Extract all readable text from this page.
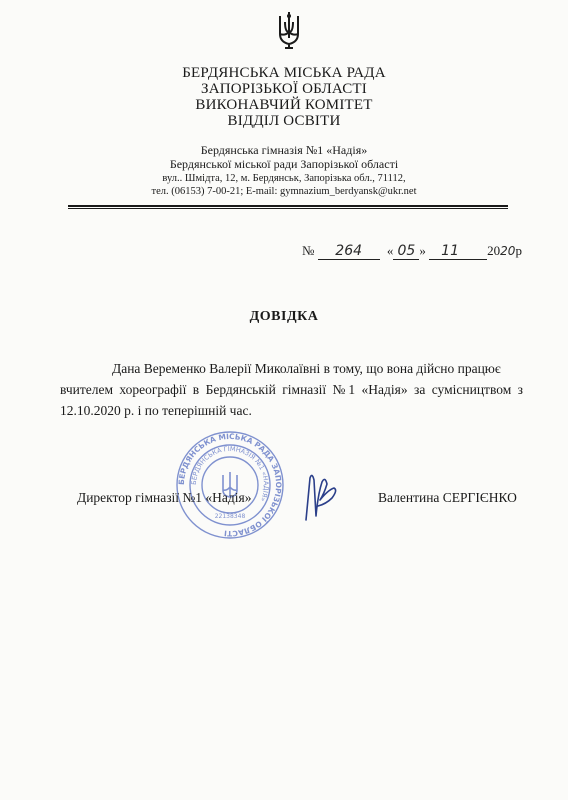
БЕРДЯНСЬКА МІСЬКА РАДА
ЗАПОРІЗЬКОЇ ОБЛАСТІ
ВИКОНАВЧИЙ КОМІТЕТ
ВІДДІЛ ОСВІТИ
Бердянська гімназія №1 «Надія»
Бердянської міської ради Запорізької області
вул.. Шмідта, 12, м. Бердянськ, Запорізька обл., 71112,
тел. (06153) 7-00-21; E-mail: gymnazium_berdyansk@ukr.net
№ 264 « 05 » 11 2020р
ДОВІДКА
Дана Веременко Валерії Миколаївні в тому, що вона дійсно працює
вчителем хореографії в Бердянській гімназії №1 «Надія» за сумісництвом з
12.10.2020 р. і по теперішній час.
БЕРДЯНСЬКА МІСЬКА РАДА ЗАПОРІЗЬКОЇ ОБЛАСТІ
БЕРДЯНСЬКА ГІМНАЗІЯ №1 «НАДІЯ»
22138348
Директор гімназії №1 «Надія»	Валентина СЕРГІЄНКО
